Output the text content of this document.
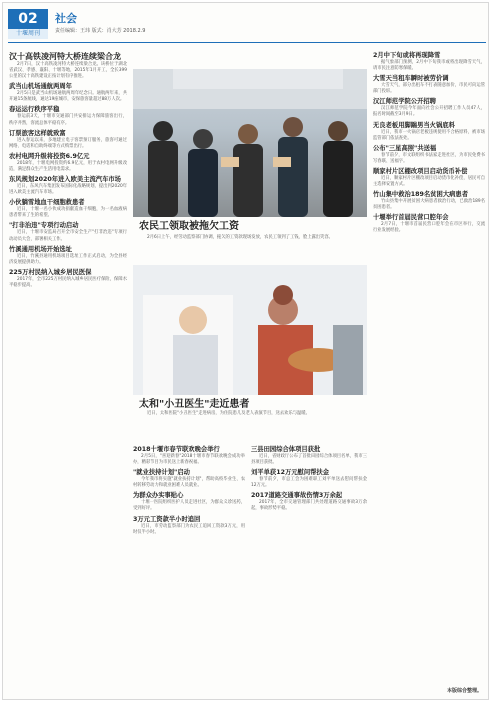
02
十堰周刊
社会
责任编辑：王玮 版式：肖大芳 2018.2.9
汉十高铁凌河特大桥连续梁合龙
2月7日，汉十高铁凌河特大桥连续梁合龙。该桥位于湖北省武汉、孝感、襄阳、十堰等地，2015年1月开工，全长399公里的汉十高铁建设正按计划有序推进。
武当山机场通航两周年
2月5日是武当山机场通航两周年纪念日。通航两年来，共开通15条航线，通达19座城市，安保旅客量超过88万人次。
春运运行秩序平稳
春运前3天，十堰市交通部门共安排运力保障旅客出行，秩序井然，客流总体平稳有序。
订票旅客这样就致富
进入春运以来，多地建立电子客票预订服务，旅客可通过网络、电话和自助终端等方式购票出行。
农村电网升级将投资6.9亿元
2018年，十堰电网投资约6.9亿元，用于农村电网升级改造，满足群众生产生活用电需求。
东风规划2020年进入欧美主流汽车市场
近日，东风汽车集团发布国际化战略规划，提出到2020年进入欧美主流汽车市场。
小伙躺雪地血干细胞救患者
近日，十堰一名小伙成功捐献造血干细胞，为一名血液病患者带来了生的希望。
"打非治违"专项行动启动
近日，十堰市安监局召开全市安全生产"打非治违"专项行动动员大会，部署相关工作。
竹溪通用机场开始选址
近日，竹溪县通用机场项目选址工作正式启动，为全县经济发展提供助力。
225万村民纳入城乡居民医保
2017年，全市225万村民纳入城乡居民医疗保险，保障水平稳步提高。
农民工领取被拖欠工资
2月6日上午，经劳动监察部门协调，拖欠的工资款现场发放，农民工领到了工钱，脸上露出笑容。
太和"小丑医生"走近患者
近日，太和医院"小丑医生"走进病房，为住院患儿及老人表演节目，送去欢乐与温暖。
2018十堰市春节联欢晚会举行
2月5日，"喜迎新春"2018十堰市春节联欢晚会成功举办，精彩节目为市民送上新春祝福。
"就业扶持计划"启动
今年我市将实施"就业扶持计划"，帮助高校毕业生、农村转移劳动力和就业困难人员就业。
为群众办实事贴心
十堰一医院组织医护人员走进社区，为群众义诊送药，受到好评。
3万元工资款半小时追回
近日，市劳动监察部门为农民工追回工资款3万元，用时仅半小时。
三县田园综合体项目获批
近日，省财政厅公布了首批田园综合体项目名单，我市三县项目获批。
刘平单获12万元慰问帮扶金
春节前夕，市总工会为困难职工刘平单送去慰问帮扶金12万元。
2017道路交通事故伤情3万余起
2017年，全市交通管理部门共处理道路交通事故3万余起，事故形势平稳。
2月中下旬或将再现降雪
据气象部门预测，2月中下旬我市或将出现降雪天气，请市民注意防寒保暖。
大雪天当租车瞬时被劳价调
大雪天气，部分出租车不打表随意加价，市民可向运管部门投诉。
汉江师范学院公开招聘
汉江师范学院今年面向社会公开招聘工作人员47人，报名时间截至3月9日。
无良老板用脚踹男当火锅底料
近日，我市一火锅店老板违规使用不合格原料，被市场监管部门依法查处。
公布"三星高照"共送福
春节前夕，市文联组织书法家走进社区，为市民免费书写春联、送福字。
顺家村片区棚改项目启动货币补偿
近日，顺家村片区棚改项目启动货币化补偿，居民可自主选择安置方式。
竹山集中救治189名贫困大病患者
竹山县集中开展贫困大病患者救治行动，已救治189名贫困患者。
十堰举行首届民营口腔年会
2月7日，十堰市首届民营口腔年会在市区举行，交流行业发展经验。
本版综合整理。
